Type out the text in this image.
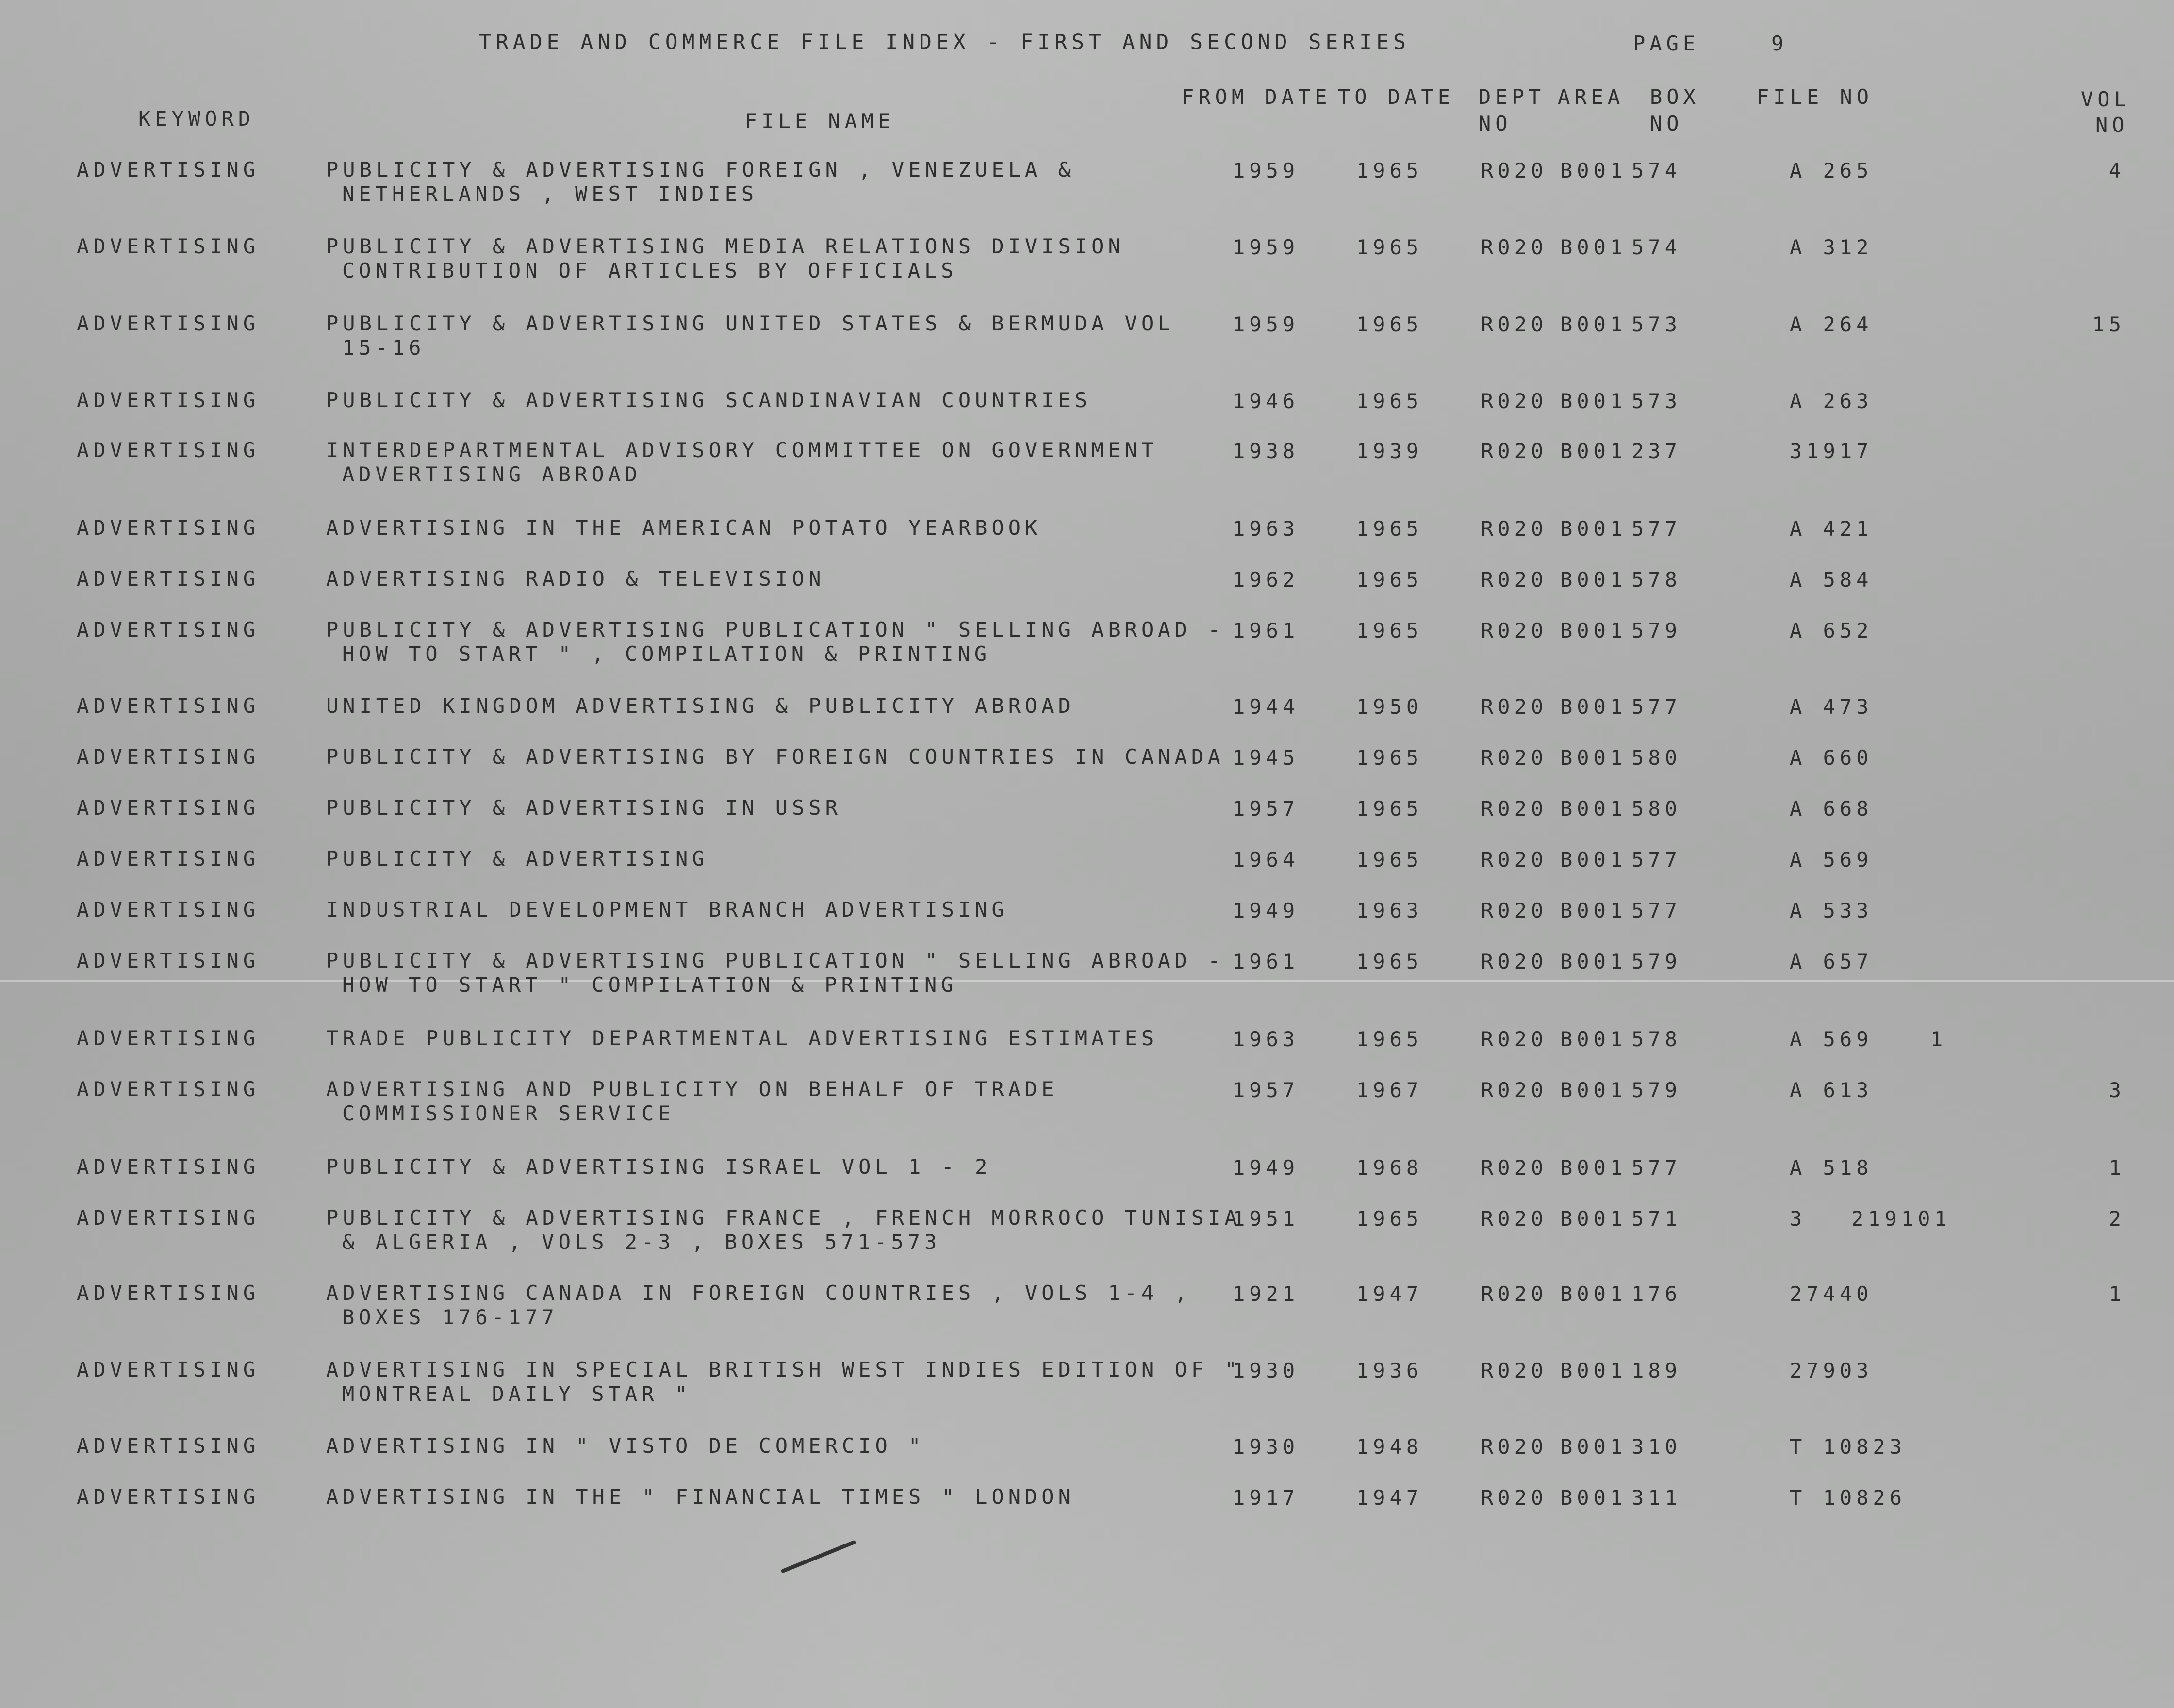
TRADE AND COMMERCE FILE INDEX - FIRST AND SECOND SERIES	PAGE	9
KEYWORD	FILE NAME
FROM DATE TO DATE DEPT
NO
AREA BOX
NO
FILE NO	VOL
NO
ADVERTISING	PUBLICITY & ADVERTISING FOREIGN , VENEZUELA &
NETHERLANDS , WEST INDIES
1959	1965	R020 B001 574	A 265	4
ADVERTISING	PUBLICITY & ADVERTISING MEDIA RELATIONS DIVISION
CONTRIBUTION OF ARTICLES BY OFFICIALS
1959	1965	R020 B001 574	A 312
ADVERTISING	PUBLICITY & ADVERTISING UNITED STATES & BERMUDA VOL
15-16
1959	1965	R020 B001 573	A 264	15
ADVERTISING	PUBLICITY & ADVERTISING SCANDINAVIAN COUNTRIES	1946	1965	R020 B001 573	A 263
ADVERTISING	INTERDEPARTMENTAL ADVISORY COMMITTEE ON GOVERNMENT
ADVERTISING ABROAD
1938	1939	R020 B001 237	31917
ADVERTISING	ADVERTISING IN THE AMERICAN POTATO YEARBOOK	1963	1965	R020 B001 577	A 421
ADVERTISING	ADVERTISING RADIO & TELEVISION	1962	1965	R020 B001 578	A 584
ADVERTISING	PUBLICITY & ADVERTISING PUBLICATION " SELLING ABROAD -
HOW TO START " , COMPILATION & PRINTING
1961	1965	R020 B001 579	A 652
ADVERTISING	UNITED KINGDOM ADVERTISING & PUBLICITY ABROAD	1944	1950	R020 B001 577	A 473
ADVERTISING	PUBLICITY & ADVERTISING BY FOREIGN COUNTRIES IN CANADA 1945	1965	R020 B001 580	A 660
ADVERTISING	PUBLICITY & ADVERTISING IN USSR	1957	1965	R020 B001 580	A 668
ADVERTISING	PUBLICITY & ADVERTISING	1964	1965	R020 B001 577	A 569
ADVERTISING	INDUSTRIAL DEVELOPMENT BRANCH ADVERTISING	1949	1963	R020 B001 577	A 533
ADVERTISING	PUBLICITY & ADVERTISING PUBLICATION " SELLING ABROAD -
HOW TO START " COMPILATION & PRINTING
1961	1965	R020 B001 579	A 657
ADVERTISING	TRADE PUBLICITY DEPARTMENTAL ADVERTISING ESTIMATES	1963	1965	R020 B001 578	A 569	1
ADVERTISING	ADVERTISING AND PUBLICITY ON BEHALF OF TRADE
COMMISSIONER SERVICE
1957	1967	R020 B001 579	A 613	3
ADVERTISING	PUBLICITY & ADVERTISING ISRAEL VOL 1 - 2	1949	1968	R020 B001 577	A 518	1
ADVERTISING	PUBLICITY & ADVERTISING FRANCE , FRENCH MORROCO TUNISIA
& ALGERIA , VOLS 2-3 , BOXES 571-573
1951	1965	R020 B001 571	3 219101	2
ADVERTISING	ADVERTISING CANADA IN FOREIGN COUNTRIES , VOLS 1-4 ,
BOXES 176-177
1921	1947	R020 B001 176	27440	1
ADVERTISING	ADVERTISING IN SPECIAL BRITISH WEST INDIES EDITION OF "
MONTREAL DAILY STAR "
1930	1936	R020 B001 189	27903
ADVERTISING	ADVERTISING IN " VISTO DE COMERCIO "	1930	1948	R020 B001 310	T 10823
ADVERTISING	ADVERTISING IN THE " FINANCIAL TIMES " LONDON	1917	1947	R020 B001 311	T 10826
